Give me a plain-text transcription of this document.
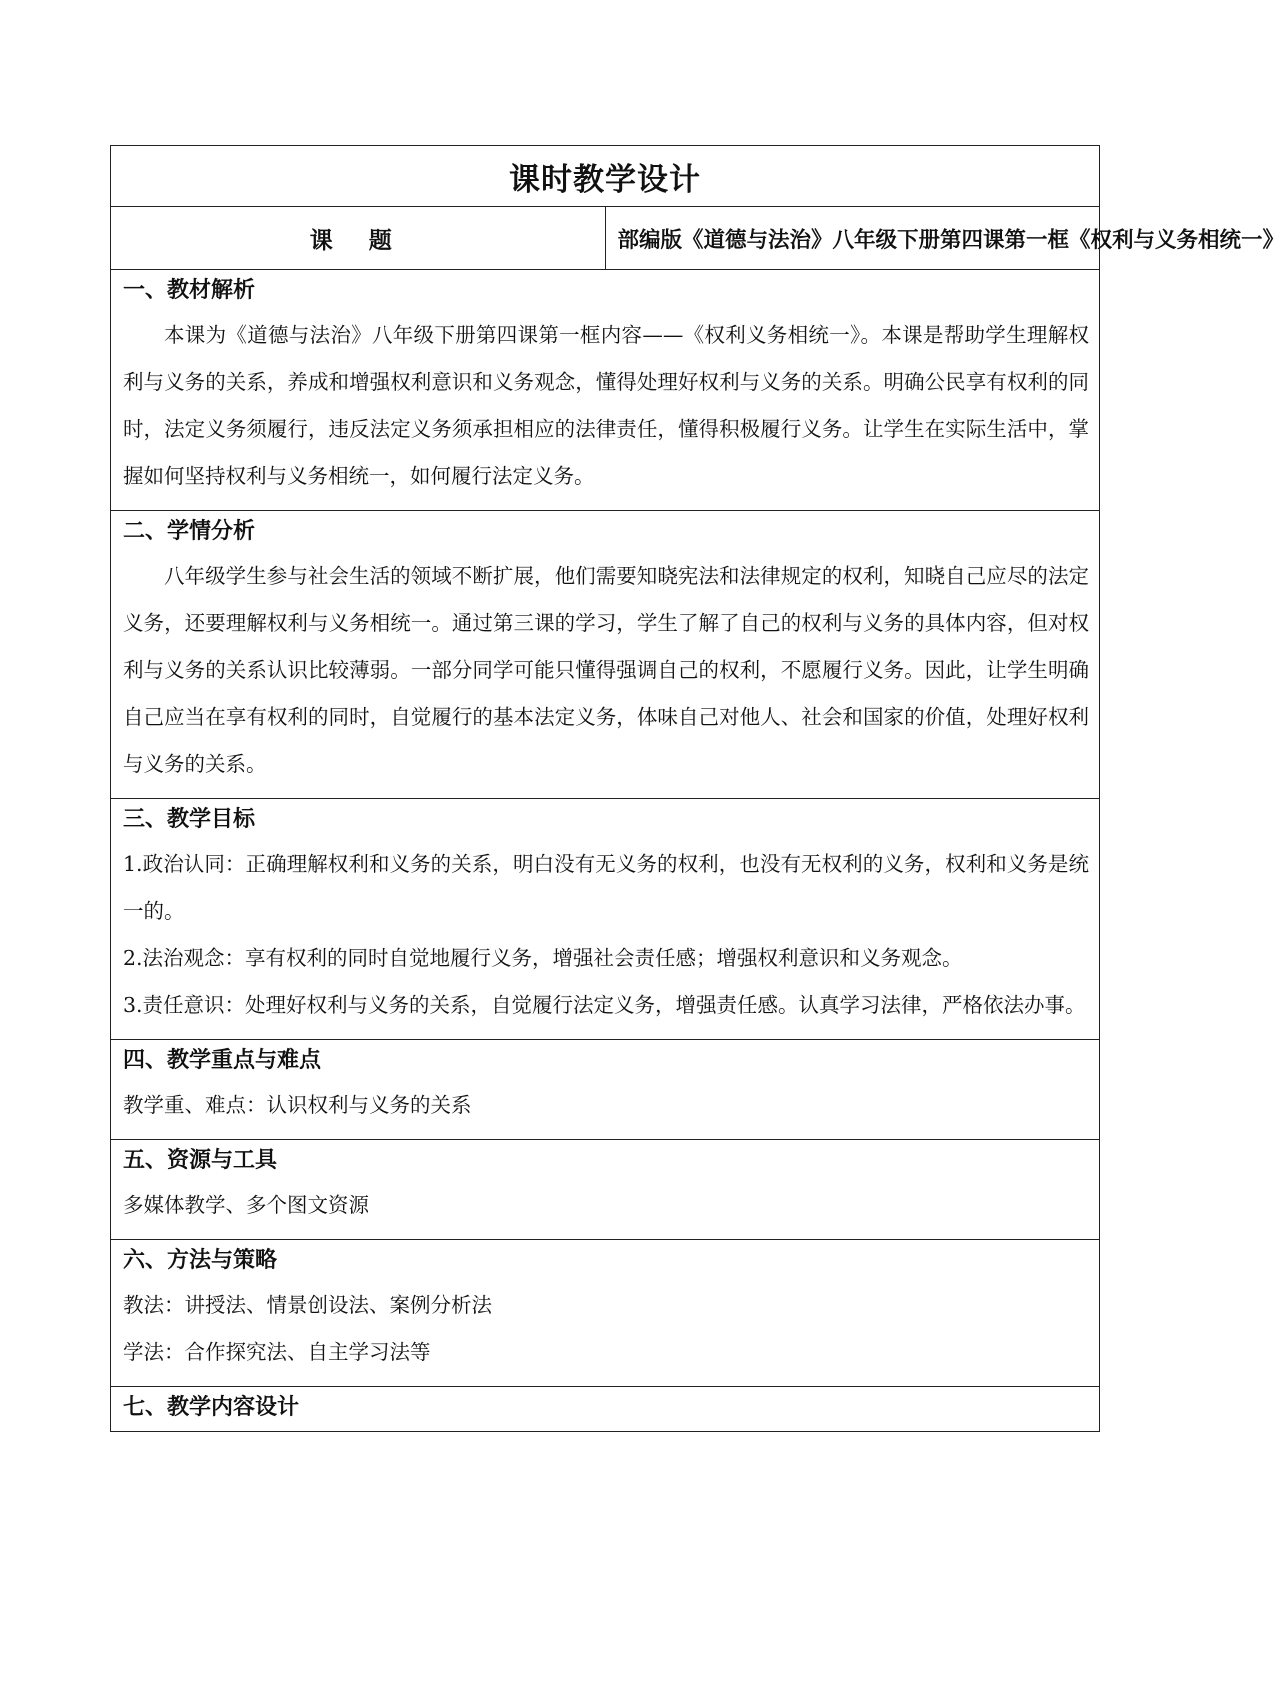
课时教学设计
课 题	部编版《道德与法治》八年级下册第四课第一框《权利与义务相统一》

一、教材解析

本课为《道德与法治》八年级下册第四课第一框内容——《权利义务相统一》。本课是帮助学生理解权利与义务的关系，养成和增强权利意识和义务观念，懂得处理好权利与义务的关系。明确公民享有权利的同时，法定义务须履行，违反法定义务须承担相应的法律责任，懂得积极履行义务。让学生在实际生活中，掌握如何坚持权利与义务相统一，如何履行法定义务。

二、学情分析

八年级学生参与社会生活的领域不断扩展，他们需要知晓宪法和法律规定的权利，知晓自己应尽的法定义务，还要理解权利与义务相统一。通过第三课的学习，学生了解了自己的权利与义务的具体内容，但对权利与义务的关系认识比较薄弱。一部分同学可能只懂得强调自己的权利，不愿履行义务。因此，让学生明确自己应当在享有权利的同时，自觉履行的基本法定义务，体味自己对他人、社会和国家的价值，处理好权利与义务的关系。

三、教学目标

1.政治认同：正确理解权利和义务的关系，明白没有无义务的权利，也没有无权利的义务，权利和义务是统一的。

2.法治观念：享有权利的同时自觉地履行义务，增强社会责任感；增强权利意识和义务观念。

3.责任意识：处理好权利与义务的关系，自觉履行法定义务，增强责任感。认真学习法律，严格依法办事。

四、教学重点与难点

教学重、难点：认识权利与义务的关系

五、资源与工具

多媒体教学、多个图文资源

六、方法与策略

教法：讲授法、情景创设法、案例分析法

学法：合作探究法、自主学习法等

七、教学内容设计
